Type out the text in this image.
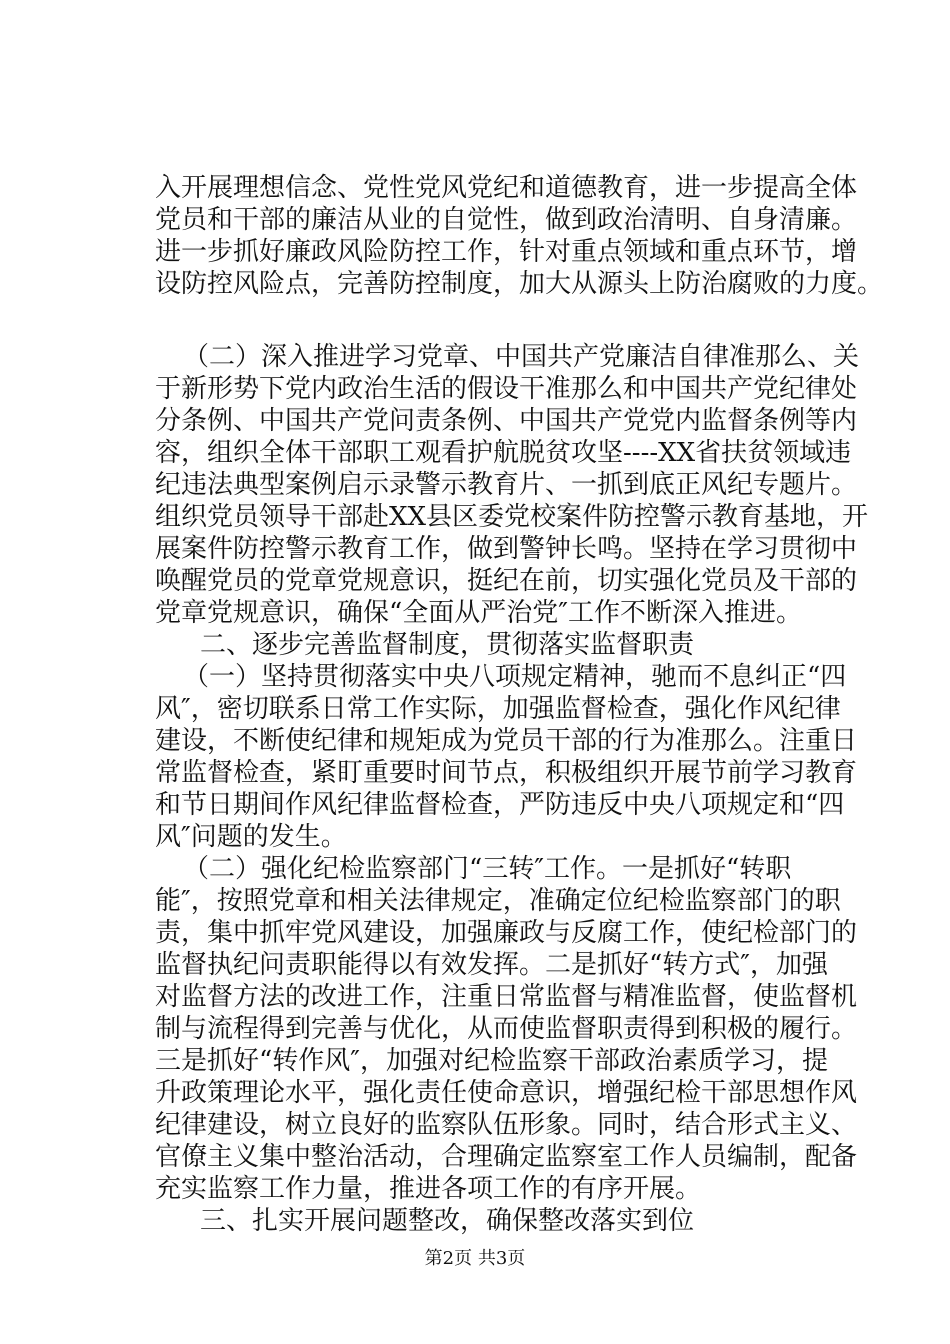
入开展理想信念、党性党风党纪和道德教育，进一步提高全体
党员和干部的廉洁从业的自觉性，做到政治清明、自身清廉。
进一步抓好廉政风险防控工作，针对重点领域和重点环节，增
设防控风险点，完善防控制度，加大从源头上防治腐败的力度。
（二）深入推进学习党章、中国共产党廉洁自律准那么、关
于新形势下党内政治生活的假设干准那么和中国共产党纪律处
分条例、中国共产党问责条例、中国共产党党内监督条例等内
容，组织全体干部职工观看护航脱贫攻坚----XX省扶贫领域违
纪违法典型案例启示录警示教育片、一抓到底正风纪专题片。
组织党员领导干部赴XX县区委党校案件防控警示教育基地，开
展案件防控警示教育工作，做到警钟长鸣。坚持在学习贯彻中
唤醒党员的党章党规意识，挺纪在前，切实强化党员及干部的
党章党规意识，确保“全面从严治党″工作不断深入推进。
二、逐步完善监督制度，贯彻落实监督职责
（一）坚持贯彻落实中央八项规定精神，驰而不息纠正“四
风″，密切联系日常工作实际，加强监督检查，强化作风纪律
建设，不断使纪律和规矩成为党员干部的行为准那么。注重日
常监督检查，紧盯重要时间节点，积极组织开展节前学习教育
和节日期间作风纪律监督检查，严防违反中央八项规定和“四
风″问题的发生。
（二）强化纪检监察部门“三转″工作。一是抓好“转职
能″，按照党章和相关法律规定，准确定位纪检监察部门的职
责，集中抓牢党风建设，加强廉政与反腐工作，使纪检部门的
监督执纪问责职能得以有效发挥。二是抓好“转方式″，加强
对监督方法的改进工作，注重日常监督与精准监督，使监督机
制与流程得到完善与优化，从而使监督职责得到积极的履行。
三是抓好“转作风″，加强对纪检监察干部政治素质学习，提
升政策理论水平，强化责任使命意识，增强纪检干部思想作风
纪律建设，树立良好的监察队伍形象。同时，结合形式主义、
官僚主义集中整治活动，合理确定监察室工作人员编制，配备
充实监察工作力量，推进各项工作的有序开展。
三、扎实开展问题整改，确保整改落实到位
第2页 共3页
